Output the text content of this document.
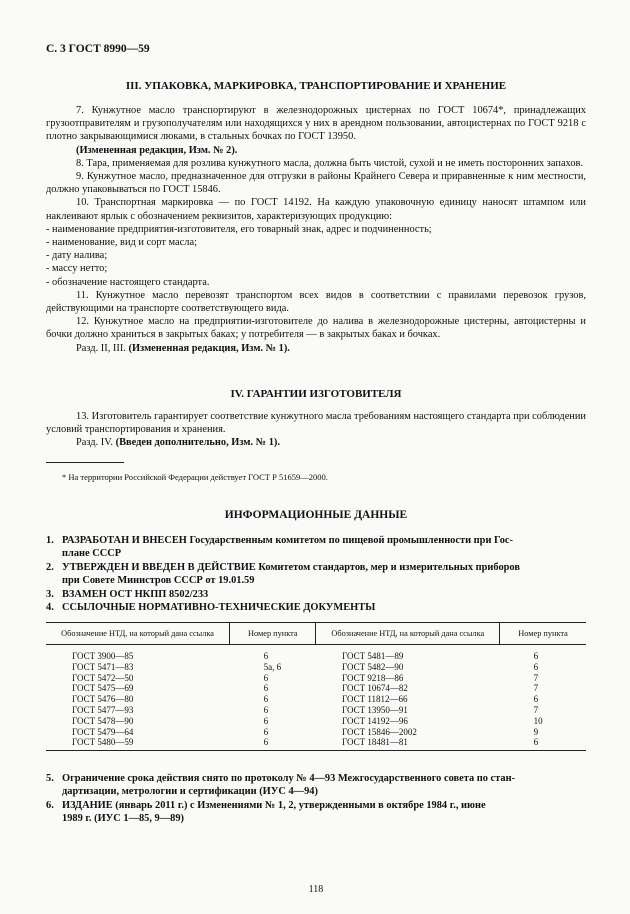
С. 3 ГОСТ 8990—59
III. УПАКОВКА, МАРКИРОВКА, ТРАНСПОРТИРОВАНИЕ И ХРАНЕНИЕ

7. Кунжутное масло транспортируют в железнодорожных цистернах по ГОСТ 10674*, принадлежащих грузоотправителям и грузополучателям или находящихся у них в арендном пользовании, автоцистернах по ГОСТ 9218 с плотно закрывающимися люками, в стальных бочках по ГОСТ 13950.

(Измененная редакция, Изм. № 2).

8. Тара, применяемая для розлива кунжутного масла, должна быть чистой, сухой и не иметь посторонних запахов.

9. Кунжутное масло, предназначенное для отгрузки в районы Крайнего Севера и приравненные к ним местности, должно упаковываться по ГОСТ 15846.

10. Транспортная маркировка — по ГОСТ 14192. На каждую упаковочную единицу наносят штампом или наклеивают ярлык с обозначением реквизитов, характеризующих продукцию:

- наименование предприятия-изготовителя, его товарный знак, адрес и подчиненность;
- наименование, вид и сорт масла;
- дату налива;
- массу нетто;
- обозначение настоящего стандарта.

11. Кунжутное масло перевозят транспортом всех видов в соответствии с правилами перевозок грузов, действующими на транспорте соответствующего вида.

12. Кунжутное масло на предприятии-изготовителе до налива в железнодорожные цистерны, автоцистерны и бочки должно храниться в закрытых баках; у потребителя — в закрытых баках и бочках.

Разд. II, III. (Измененная редакция, Изм. № 1).

IV. ГАРАНТИИ ИЗГОТОВИТЕЛЯ

13. Изготовитель гарантирует соответствие кунжутного масла требованиям настоящего стандарта при соблюдении условий транспортирования и хранения.

Разд. IV. (Введен дополнительно, Изм. № 1).

* На территории Российской Федерации действует ГОСТ Р 51659—2000.
ИНФОРМАЦИОННЫЕ ДАННЫЕ
1. РАЗРАБОТАН И ВНЕСЕН Государственным комитетом по пищевой промышленности при Гос-
плане СССР
2. УТВЕРЖДЕН И ВВЕДЕН В ДЕЙСТВИЕ Комитетом стандартов, мер и измерительных приборов
при Совете Министров СССР от 19.01.59
3. ВЗАМЕН ОСТ НКПП 8502/233
4. ССЫЛОЧНЫЕ НОРМАТИВНО-ТЕХНИЧЕСКИЕ ДОКУМЕНТЫ
Обозначение НТД, на который дана ссылка	Номер пункта	Обозначение НТД, на который дана ссылка	Номер пункта
ГОСТ 3900—85	6	ГОСТ 5481—89	6
ГОСТ 5471—83	5а, 6	ГОСТ 5482—90	6
ГОСТ 5472—50	6	ГОСТ 9218—86	7
ГОСТ 5475—69	6	ГОСТ 10674—82	7
ГОСТ 5476—80	6	ГОСТ 11812—66	6
ГОСТ 5477—93	6	ГОСТ 13950—91	7
ГОСТ 5478—90	6	ГОСТ 14192—96	10
ГОСТ 5479—64	6	ГОСТ 15846—2002	9
ГОСТ 5480—59	6	ГОСТ 18481—81	6
5. Ограничение срока действия снято по протоколу № 4—93 Межгосударственного совета по стан-
дартизации, метрологии и сертификации (ИУС 4—94)
6. ИЗДАНИЕ (январь 2011 г.) с Изменениями № 1, 2, утвержденными в октябре 1984 г., июне
1989 г. (ИУС 1—85, 9—89)
118
